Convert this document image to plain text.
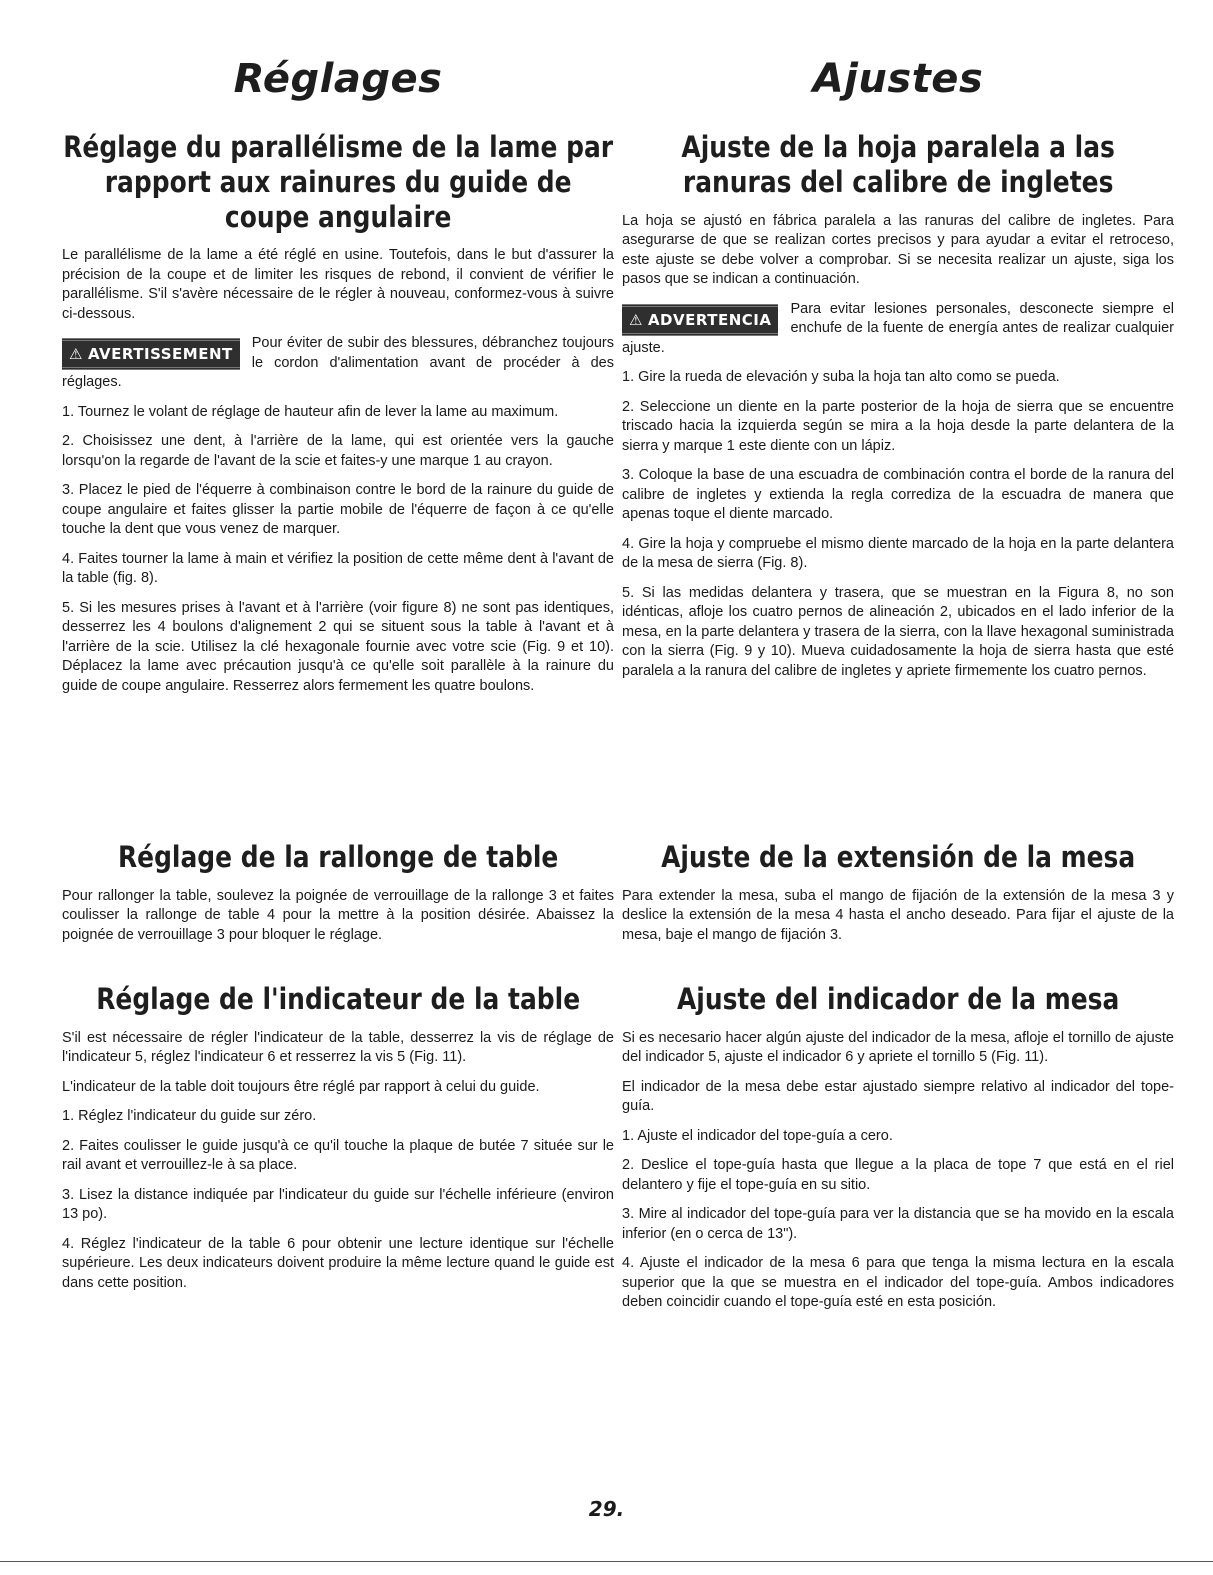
Réglages
Réglage du parallélisme de la lame par rapport aux rainures du guide de coupe angulaire

Le parallélisme de la lame a été réglé en usine. Toutefois, dans le but d'assurer la précision de la coupe et de limiter les risques de rebond, il convient de vérifier le parallélisme. S'il s'avère nécessaire de le régler à nouveau, conformez-vous à suivre ci-dessous.

⚠ AVERTISSEMENT

Pour éviter de subir des blessures, débranchez toujours le cordon d'alimentation avant de procéder à des réglages.

1. Tournez le volant de réglage de hauteur afin de lever la lame au maximum.

2. Choisissez une dent, à l'arrière de la lame, qui est orientée vers la gauche lorsqu'on la regarde de l'avant de la scie et faites-y une marque 1 au crayon.

3. Placez le pied de l'équerre à combinaison contre le bord de la rainure du guide de coupe angulaire et faites glisser la partie mobile de l'équerre de façon à ce qu'elle touche la dent que vous venez de marquer.

4. Faites tourner la lame à main et vérifiez la position de cette même dent à l'avant de la table (fig. 8).

5. Si les mesures prises à l'avant et à l'arrière (voir figure 8) ne sont pas identiques, desserrez les 4 boulons d'alignement 2 qui se situent sous la table à l'avant et à l'arrière de la scie. Utilisez la clé hexagonale fournie avec votre scie (Fig. 9 et 10). Déplacez la lame avec précaution jusqu'à ce qu'elle soit parallèle à la rainure du guide de coupe angulaire. Resserrez alors fermement les quatre boulons.

Réglage de la rallonge de table

Pour rallonger la table, soulevez la poignée de verrouillage de la rallonge 3 et faites coulisser la rallonge de table 4 pour la mettre à la position désirée. Abaissez la poignée de verrouillage 3 pour bloquer le réglage.

Réglage de l'indicateur de la table

S'il est nécessaire de régler l'indicateur de la table, desserrez la vis de réglage de l'indicateur 5, réglez l'indicateur 6 et resserrez la vis 5 (Fig. 11).

L'indicateur de la table doit toujours être réglé par rapport à celui du guide.

1. Réglez l'indicateur du guide sur zéro.

2. Faites coulisser le guide jusqu'à ce qu'il touche la plaque de butée 7 située sur le rail avant et verrouillez-le à sa place.

3. Lisez la distance indiquée par l'indicateur du guide sur l'échelle inférieure (environ 13 po).

4. Réglez l'indicateur de la table 6 pour obtenir une lecture identique sur l'échelle supérieure. Les deux indicateurs doivent produire la même lecture quand le guide est dans cette position.

Ajustes
Ajuste de la hoja paralela a las ranuras del calibre de ingletes

La hoja se ajustó en fábrica paralela a las ranuras del calibre de ingletes. Para asegurarse de que se realizan cortes precisos y para ayudar a evitar el retroceso, este ajuste se debe volver a comprobar. Si se necesita realizar un ajuste, siga los pasos que se indican a continuación.

⚠ ADVERTENCIA

Para evitar lesiones personales, desconecte siempre el enchufe de la fuente de energía antes de realizar cualquier ajuste.

1. Gire la rueda de elevación y suba la hoja tan alto como se pueda.

2. Seleccione un diente en la parte posterior de la hoja de sierra que se encuentre triscado hacia la izquierda según se mira a la hoja desde la parte delantera de la sierra y marque 1 este diente con un lápiz.

3. Coloque la base de una escuadra de combinación contra el borde de la ranura del calibre de ingletes y extienda la regla corrediza de la escuadra de manera que apenas toque el diente marcado.

4. Gire la hoja y compruebe el mismo diente marcado de la hoja en la parte delantera de la mesa de sierra (Fig. 8).

5. Si las medidas delantera y trasera, que se muestran en la Figura 8, no son idénticas, afloje los cuatro pernos de alineación 2, ubicados en el lado inferior de la mesa, en la parte delantera y trasera de la sierra, con la llave hexagonal suministrada con la sierra (Fig. 9 y 10). Mueva cuidadosamente la hoja de sierra hasta que esté paralela a la ranura del calibre de ingletes y apriete firmemente los cuatro pernos.

Ajuste de la extensión de la mesa

Para extender la mesa, suba el mango de fijación de la extensión de la mesa 3 y deslice la extensión de la mesa 4 hasta el ancho deseado. Para fijar el ajuste de la mesa, baje el mango de fijación 3.

Ajuste del indicador de la mesa

Si es necesario hacer algún ajuste del indicador de la mesa, afloje el tornillo de ajuste del indicador 5, ajuste el indicador 6 y apriete el tornillo 5 (Fig. 11).

El indicador de la mesa debe estar ajustado siempre relativo al indicador del tope-guía.

1. Ajuste el indicador del tope-guía a cero.

2. Deslice el tope-guía hasta que llegue a la placa de tope 7 que está en el riel delantero y fije el tope-guía en su sitio.

3. Mire al indicador del tope-guía para ver la distancia que se ha movido en la escala inferior (en o cerca de 13").

4. Ajuste el indicador de la mesa 6 para que tenga la misma lectura en la escala superior que la que se muestra en el indicador del tope-guía. Ambos indicadores deben coincidir cuando el tope-guía esté en esta posición.

29.
